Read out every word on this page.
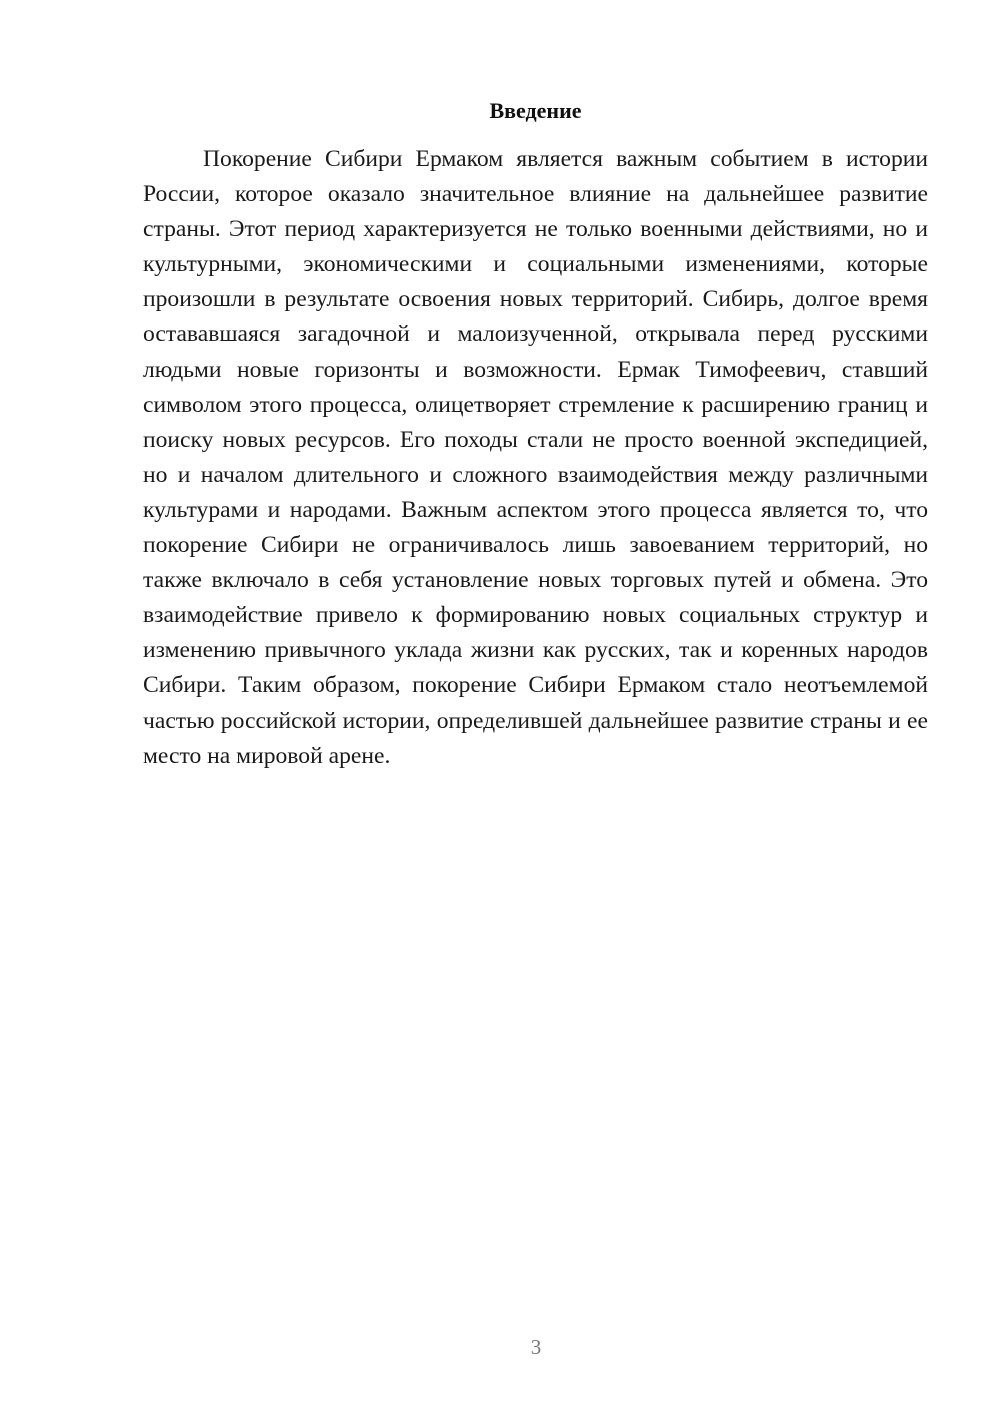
Введение

Покорение Сибири Ермаком является важным событием в истории России, которое оказало значительное влияние на дальнейшее развитие страны. Этот период характеризуется не только военными действиями, но и культурными, экономическими и социальными изменениями, которые произошли в результате освоения новых территорий. Сибирь, долгое время остававшаяся загадочной и малоизученной, открывала перед русскими людьми новые горизонты и возможности. Ермак Тимофеевич, ставший символом этого процесса, олицетворяет стремление к расширению границ и поиску новых ресурсов. Его походы стали не просто военной экспедицией, но и началом длительного и сложного взаимодействия между различными культурами и народами. Важным аспектом этого процесса является то, что покорение Сибири не ограничивалось лишь завоеванием территорий, но также включало в себя установление новых торговых путей и обмена. Это взаимодействие привело к формированию новых социальных структур и изменению привычного уклада жизни как русских, так и коренных народов Сибири. Таким образом, покорение Сибири Ермаком стало неотъемлемой частью российской истории, определившей дальнейшее развитие страны и ее место на мировой арене.

3
